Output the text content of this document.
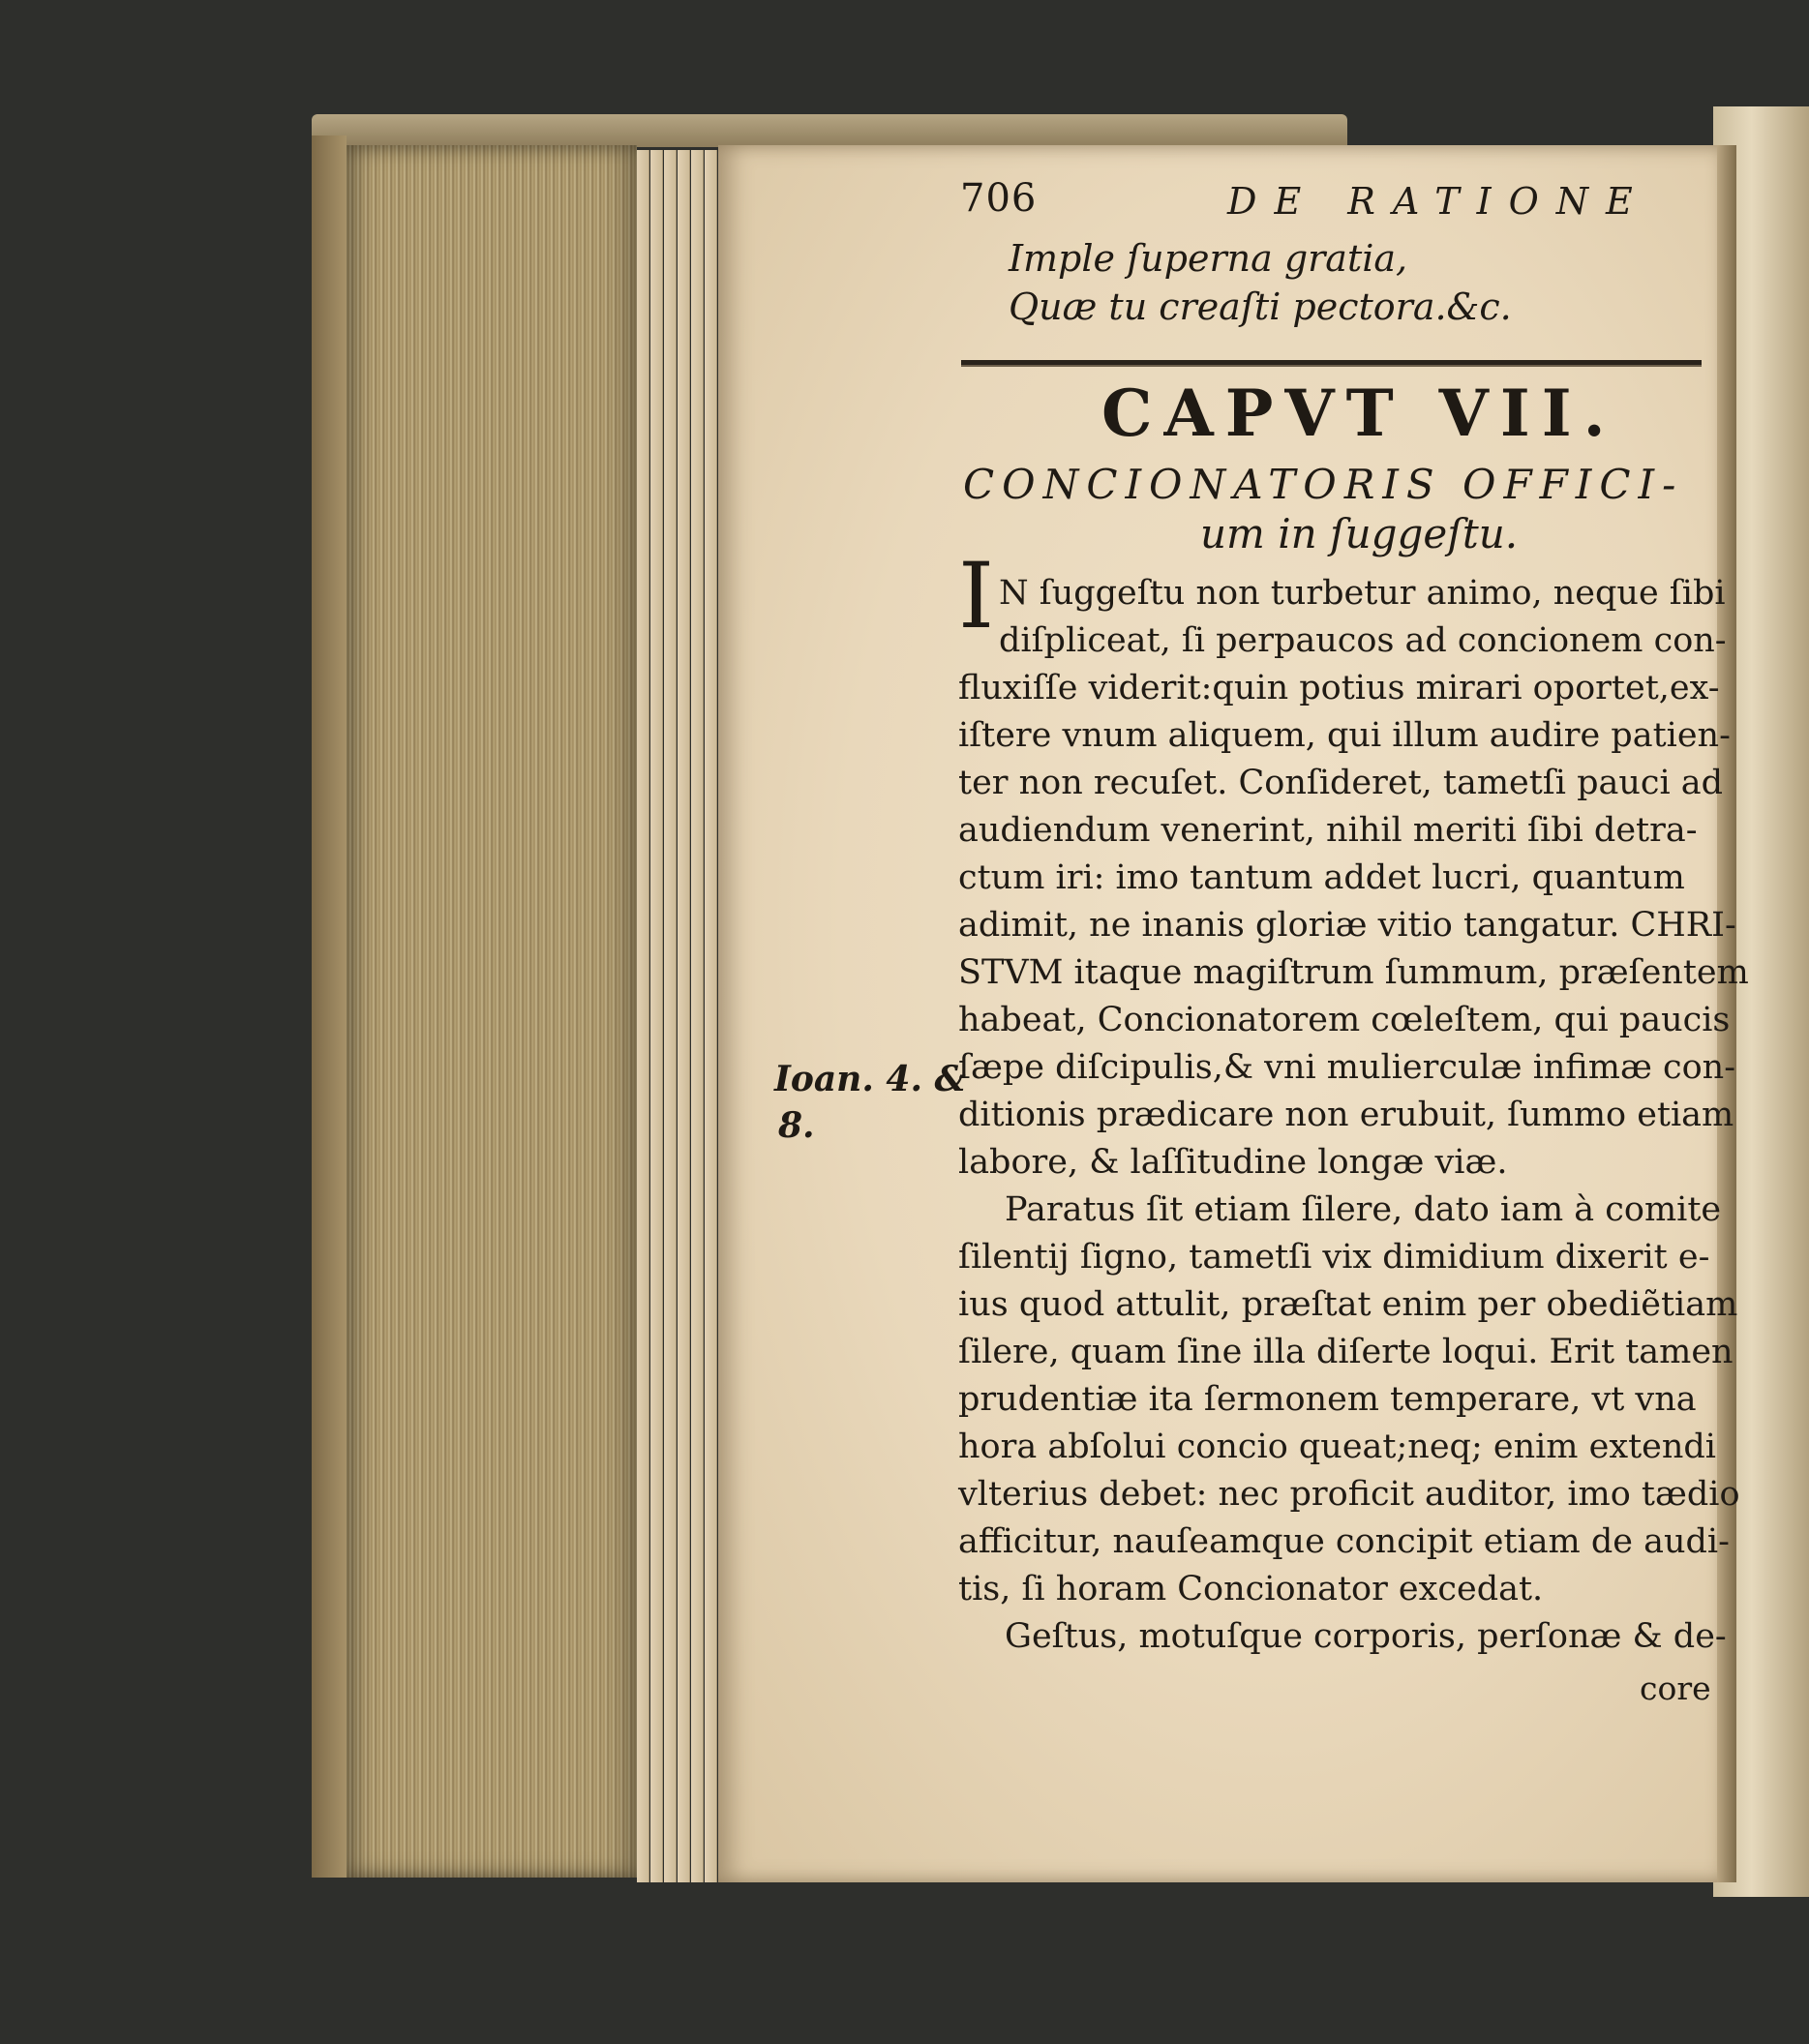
706	DE RATIONE
Imple ſuperna gratia,
Quæ tu creaſti pectora.&c.
CAPVT VII.
CONCIONATORIS OFFICI-
um in ſuggeſtu.
I N ſuggeſtu non turbetur animo, neque ſibi
diſpliceat, ſi perpaucos ad concionem con-
fluxiſſe viderit:quin potius mirari oportet,ex-
iſtere vnum aliquem, qui illum audire patien-
ter non recuſet. Conſideret, tametſi pauci ad
audiendum venerint, nihil meriti ſibi detra-
ctum iri: imo tantum addet lucri, quantum
adimit, ne inanis gloriæ vitio tangatur. CHRI-
STVM itaque magiſtrum ſummum, præſentem
habeat, Concionatorem cœleſtem, qui paucis
ſæpe diſcipulis,& vni mulierculæ infimæ con-
ditionis prædicare non erubuit, ſummo etiam
labore, & laſſitudine longæ viæ.
Paratus ſit etiam ſilere, dato iam à comite
ſilentij ſigno, tametſi vix dimidium dixerit e-
ius quod attulit, præſtat enim per obediẽtiam
ſilere, quam ſine illa diſerte loqui. Erit tamen
prudentiæ ita ſermonem temperare, vt vna
hora abſolui concio queat;neq; enim extendi
vlterius debet: nec proficit auditor, imo tædio
afficitur, nauſeamque concipit etiam de audi-
tis, ſi horam Concionator excedat.
Geſtus, motuſque corporis, perſonæ & de-
core
Ioan. 4. &
8.
